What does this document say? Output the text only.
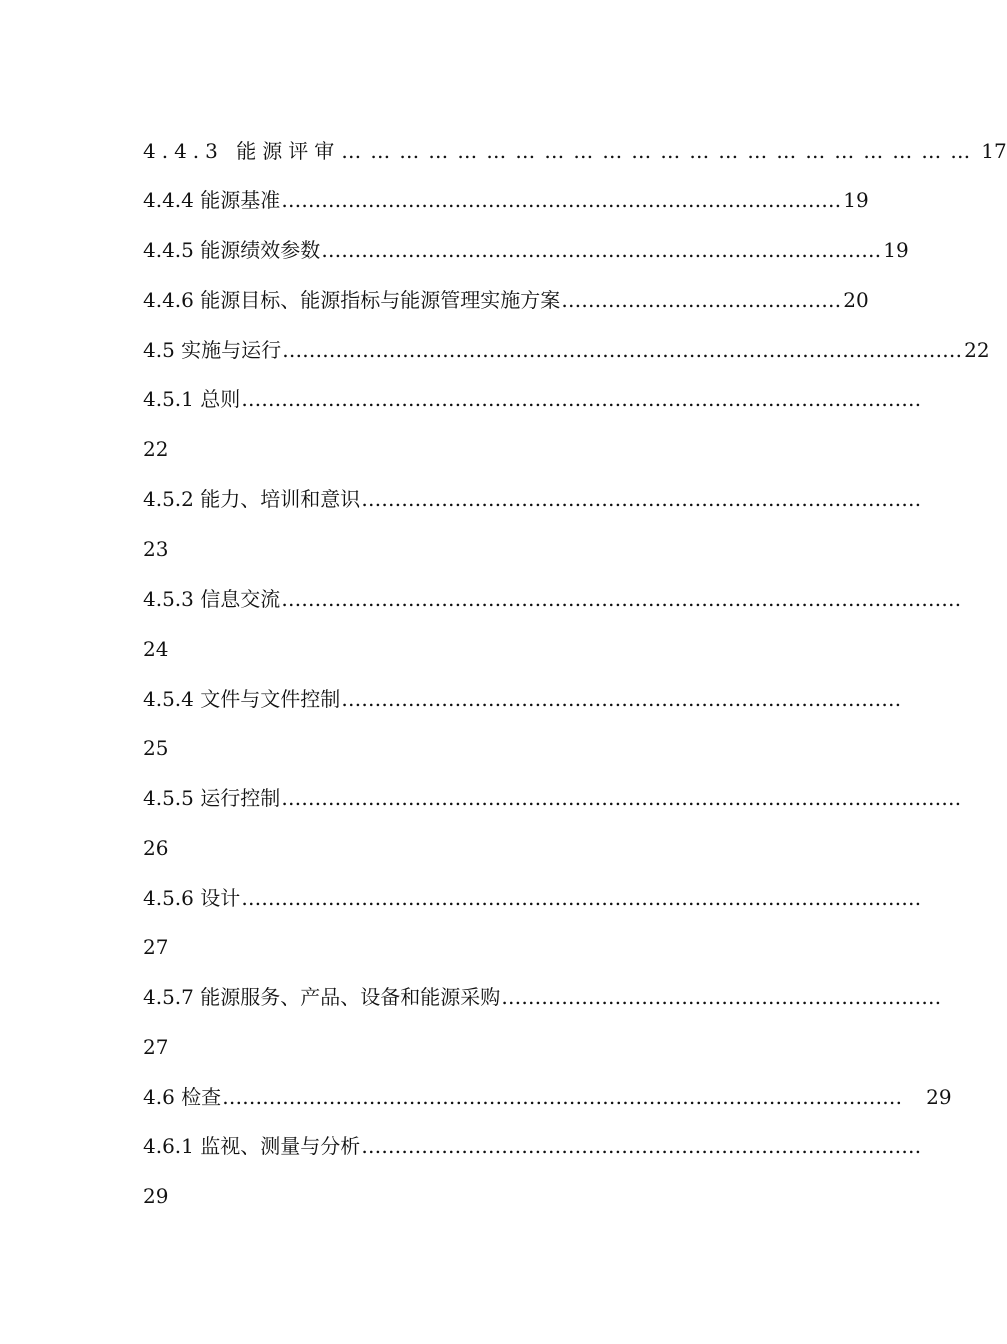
4.4.3 能源评审 ………………………………………………………… 17
4.4.4 能源基准 ………………………………………………………………………… 19
4.4.5 能源绩效参数 ………………………………………………………………………… 19
4.4.6 能源目标、能源指标与能源管理实施方案 …………………………………… 20
4.5 实施与运行 ………………………………………………………………………………………… 22
4.5.1 总则 …………………………………………………………………………………………
22
4.5.2 能力、培训和意识 …………………………………………………………………………
23
4.5.3 信息交流 …………………………………………………………………………………………
24
4.5.4 文件与文件控制 …………………………………………………………………………
25
4.5.5 运行控制 …………………………………………………………………………………………
26
4.5.6 设计 …………………………………………………………………………………………
27
4.5.7 能源服务、产品、设备和能源采购 …………………………………………………………
27
4.6 检查 ………………………………………………………………………………………… 29
4.6.1 监视、测量与分析 …………………………………………………………………………
29
